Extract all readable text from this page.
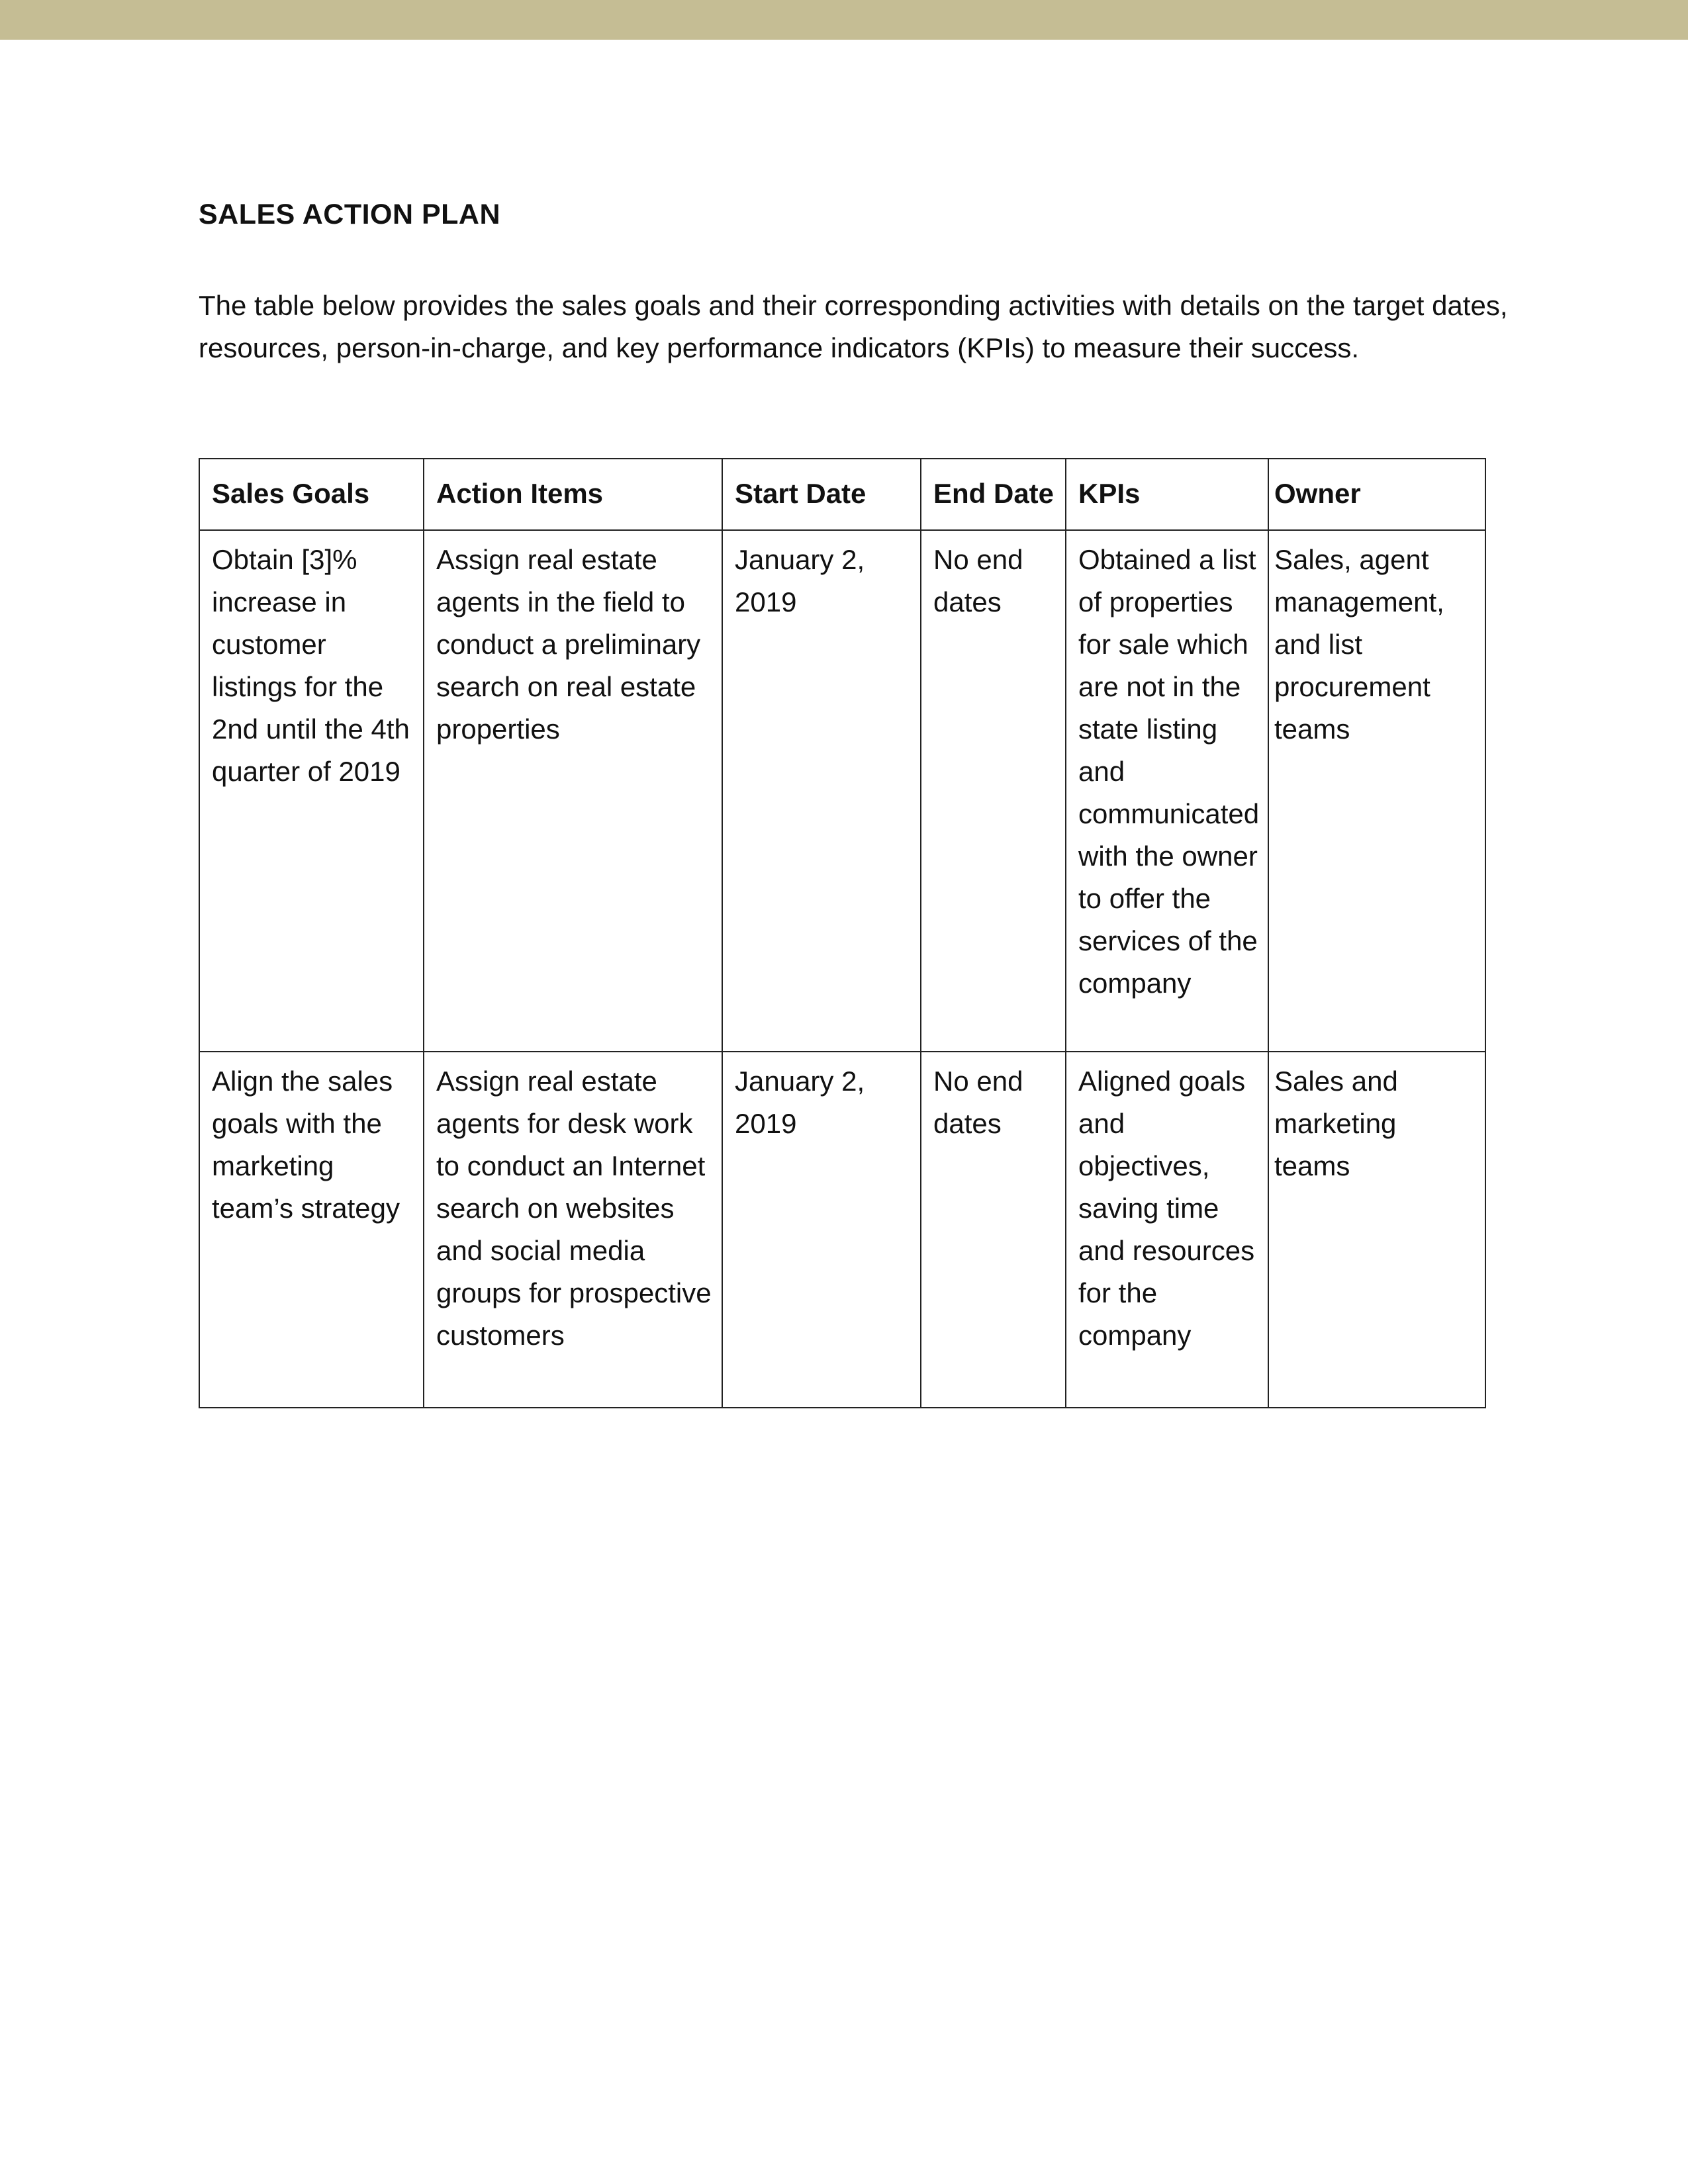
SALES ACTION PLAN

The table below provides the sales goals and their corresponding activities with details on the target dates, resources, person-in-charge, and key performance indicators (KPIs) to measure their success.

Sales Goals	Action Items	Start Date	End Date	KPIs	Owner
Obtain [3]% increase in customer listings for the 2nd until the 4th quarter of 2019	Assign real estate agents in the field to conduct a preliminary search on real estate properties	January 2, 2019	No end dates	Obtained a list of properties for sale which are not in the state listing and communicated with the owner to offer the services of the company	Sales, agent management, and list procurement teams
Align the sales goals with the marketing team’s strategy	Assign real estate agents for desk work to conduct an Internet search on websites and social media groups for prospective customers	January 2, 2019	No end dates	Aligned goals and objectives, saving time and resources for the company	Sales and marketing teams
